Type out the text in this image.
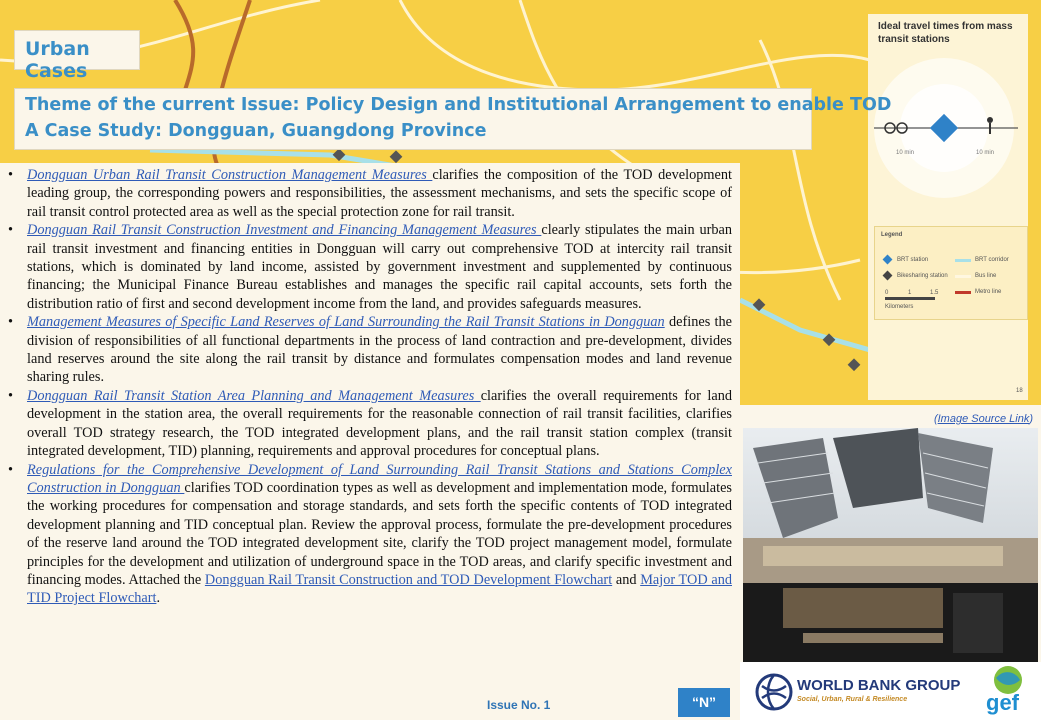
Ideal travel times from mass transit stations
10 min	10 min
Legend
BRT station
Bikesharing station
BRT corridor
Bus line
Metro line
0	1	1.5
Kilometers
18
Urban Cases
Theme of the current Issue: Policy Design and Institutional Arrangement to enable TOD
A Case Study: Dongguan, Guangdong Province
• Dongguan Urban Rail Transit Construction Management Measures clarifies the composition of the TOD development leading group, the corresponding powers and responsibilities, the assessment mechanisms, and sets the specific scope of rail transit control protected area as well as the special protection zone for rail transit.
• Dongguan Rail Transit Construction Investment and Financing Management Measures clearly stipulates the main urban rail transit investment and financing entities in Dongguan will carry out comprehensive TOD at intercity rail transit stations, which is dominated by land income, assisted by government investment and supplemented by continuous financing; the Municipal Finance Bureau establishes and manages the specific rail capital accounts, sets forth the distribution ratio of first and second development income from the land, and provides safeguards measures.
• Management Measures of Specific Land Reserves of Land Surrounding the Rail Transit Stations in Dongguan defines the division of responsibilities of all functional departments in the process of land contraction and pre-development, divides land reserves around the site along the rail transit by distance and formulates compensation modes and land revenue sharing rules.
• Dongguan Rail Transit Station Area Planning and Management Measures clarifies the overall requirements for land development in the station area, the overall requirements for the reasonable connection of rail transit facilities, clarifies overall TOD strategy research, the TOD integrated development plans, and the rail transit station complex (transit integrated development, TID) planning, requirements and approval procedures for conceptual plans.
• Regulations for the Comprehensive Development of Land Surrounding Rail Transit Stations and Stations Complex Construction in Dongguan clarifies TOD coordination types as well as development and implementation mode, formulates the working procedures for compensation and storage standards, and sets forth the specific contents of TOD integrated development planning and TID conceptual plan. Review the approval process, formulate the pre-development procedures of the reserve land around the TOD integrated development site, clarify the TOD project management model, formulate principles for the development and utilization of underground space in the TOD areas, and clarify specific investment and financing modes. Attached the Dongguan Rail Transit Construction and TOD Development Flowchart and Major TOD and TID Project Flowchart.
(Image Source Link)
Issue No. 1	“N”
WORLD BANK GROUP
Social, Urban, Rural & Resilience	gef
